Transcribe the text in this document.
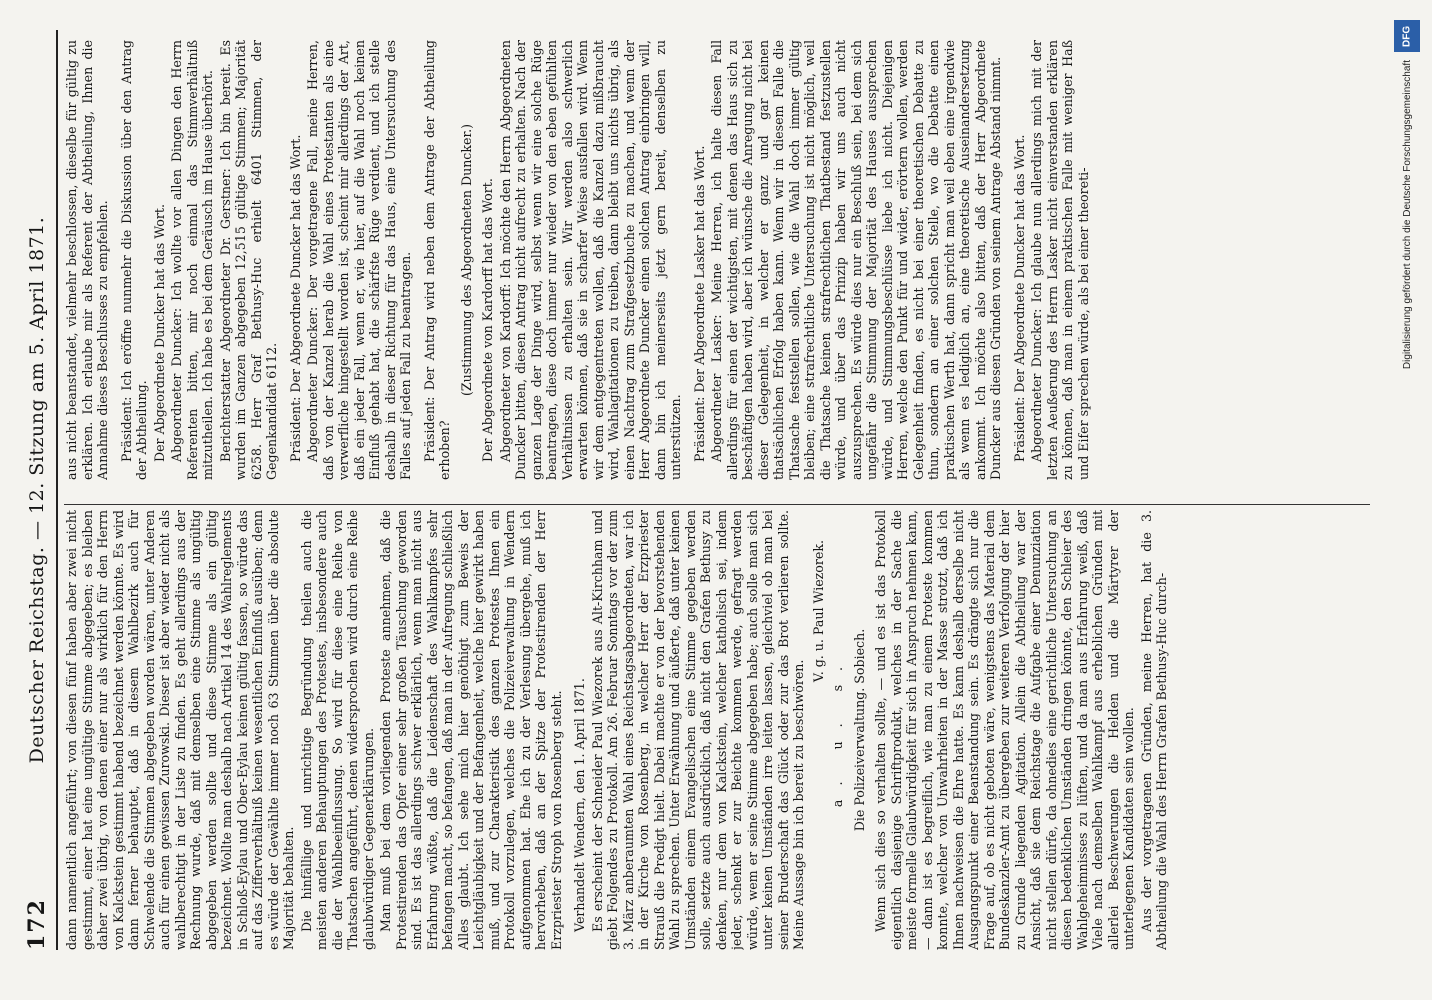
172
Deutscher Reichstag. — 12. Sitzung am 5. April 1871. dann namentlich angeführt; von diesen fünf haben aber zwei nicht gestimmt, einer hat eine ungültige Stimme abgegeben; es bleiben daher zwei übrig, von denen einer nur als wirklich für den Herrn von Kalckstein gestimmt habend bezeichnet werden könnte. Es wird dann ferner behauptet, daß in diesem Wahlbezirk auch für Schwelende die Stimmen abgegeben worden wären, unter Anderen auch für einen gewissen Zurowski. Dieser ist aber wieder nicht als wahlberechtigt in der Liste zu finden. Es geht allerdings aus der Rechnung wurde, daß mit demselben eine Stimme als ungültig abgegeben werden sollte und diese Stimme als ein gültig bezeichnet. Wollte man deshalb nach Artikel 14 des Wahlreglements in Schloß-Eylau und Ober-Eylau keinen gültig fassen, so würde das auf das Zifferverhältniß keinen wesentlichen Einfluß ausüben; denn es würde der Gewählte immer noch 63 Stimmen über die absolute Majorität behalten. Die hinfällige und unrichtige Begründung theilen auch die meisten anderen Behauptungen des Protestes, insbesondere auch die der Wahlbeeinflussung. So wird für diese eine Reihe von Thatsachen angeführt, denen widersprochen wird durch eine Reihe glaubwürdiger Gegenerklärungen. Man muß bei dem vorliegenden Proteste annehmen, daß die Protestirenden das Opfer einer sehr großen Täuschung geworden sind. Es ist das allerdings schwer erklärlich, wenn man nicht aus Erfahrung wüßte, daß die Leidenschaft des Wahlkampfes sehr befangen macht, so befangen, daß man in der Aufregung schließlich Alles glaubt. Ich sehe mich hier genöthigt zum Beweis der Leichtgläubigkeit und der Befangenheit, welche hier gewirkt haben muß, und zur Charakteristik des ganzen Protestes Ihnen ein Protokoll vorzulegen, welches die Polizeiverwaltung in Wendern aufgenommen hat. Ehe ich zu der Verlesung übergehe, muß ich hervorheben, daß an der Spitze der Protestirenden der Herr Erzpriester Stroph von Rosenberg steht. Verhandelt Wendern, den 1. April 1871. Es erscheint der Schneider Paul Wiezorek aus Alt-Kirchham und giebt Folgendes zu Protokoll. Am 26. Februar Sonntags vor der zum 3. März anberaumten Wahl eines Reichstagsabgeordneten, war ich in der Kirche von Rosenberg, in welcher Herr der Erzpriester Strauß die Predigt hielt. Dabei machte er von der bevorstehenden Wahl zu sprechen. Unter Erwähnung und äußerte, daß unter keinen Umständen einem Evangelischen eine Stimme gegeben werden solle, setzte auch ausdrücklich, daß nicht den Grafen Bethusy zu denken, nur dem von Kalckstein, welcher katholisch sei, indem jeder, schenkt er zur Beichte kommen werde, gefragt werden würde, wem er seine Stimme abgegeben habe; auch solle man sich unter keinen Umständen irre leiten lassen, gleichviel ob man bei seiner Bruderschaft das Glück oder zur das Brot verlieren sollte. Meine Aussage bin ich bereit zu beschwören.

V. g. u. Paul Wiezorek.

a. u. s. Die Polizeiverwaltung. Sobiech. Wenn sich dies so verhalten sollte, — und es ist das Protokoll eigentlich dasjenige Schriftprodukt, welches in der Sache die meiste formelle Glaubwürdigkeit für sich in Anspruch nehmen kann, — dann ist es begreiflich, wie man zu einem Proteste kommen konnte, welcher von Unwahrheiten in der Masse strotzt, daß ich Ihnen nachweisen die Ehre hatte. Es kann deshalb derselbe nicht Ausgangspunkt einer Beanstandung sein. Es drängte sich nur die Frage auf, ob es nicht geboten wäre, wenigstens das Material dem Bundeskanzler-Amt zu übergeben zur weiteren Verfolgung der hier zu Grunde liegenden Agitation. Allein die Abtheilung war der Ansicht, daß sie dem Reichstage die Aufgabe einer Denunziation nicht stellen dürfe, da ohnedies eine gerichtliche Untersuchung an diesen bedenklichen Umständen dringen könnte, den Schleier des Wahlgeheimnisses zu lüften, und da man aus Erfahrung weiß, daß Viele nach demselben Wahlkampf aus erheblichen Gründen mit allerlei Beschwerungen die Helden und die Märtyrer der unterlegenen Kandidaten sein wollen. Aus der vorgetragenen Gründen, meine Herren, hat die 3. Abtheilung die Wahl des Herrn Grafen Bethusy-Huc durch-

aus nicht beanstandet, vielmehr beschlossen, dieselbe für gültig zu erklären. Ich erlaube mir als Referent der Abtheilung, Ihnen die Annahme dieses Beschlusses zu empfehlen. Präsident: Ich eröffne nunmehr die Diskussion über den Antrag der Abtheilung. Der Abgeordnete Duncker hat das Wort. Abgeordneter Duncker: Ich wollte vor allen Dingen den Herrn Referenten bitten, mir noch einmal das Stimmverhältniß mitzutheilen. Ich habe es bei dem Geräusch im Hause überhört. Berichterstatter Abgeordneter Dr. Gerstner: Ich bin bereit. Es wurden im Ganzen abgegeben 12,515 gültige Stimmen; Majorität 6258. Herr Graf Bethusy-Huc erhielt 6401 Stimmen, der Gegenkandidat 6112. Präsident: Der Abgeordnete Duncker hat das Wort. Abgeordneter Duncker: Der vorgetragene Fall, meine Herren, daß von der Kanzel herab die Wahl eines Protestanten als eine verwerfliche hingestellt worden ist, scheint mir allerdings der Art, daß ein jeder Fall, wenn er, wie hier, auf die Wahl noch keinen Einfluß gehabt hat, die schärfste Rüge verdient, und ich stelle deshalb in dieser Richtung für das Haus, eine Untersuchung des Falles auf jeden Fall zu beantragen. Präsident: Der Antrag wird neben dem Antrage der Abtheilung erhoben?

(Zustimmung des Abgeordneten Duncker.) Der Abgeordnete von Kardorff hat das Wort. Abgeordneter von Kardorff: Ich möchte den Herrn Abgeordneten Duncker bitten, diesen Antrag nicht aufrecht zu erhalten. Nach der ganzen Lage der Dinge wird, selbst wenn wir eine solche Rüge beantragen, diese doch immer nur wieder von den eben gefühlten Verhältnissen zu erhalten sein. Wir werden also schwerlich erwarten können, daß sie in scharfer Weise ausfallen wird. Wenn wir dem entgegentreten wollen, daß die Kanzel dazu mißbraucht wird, Wahlagitationen zu treiben, dann bleibt uns nichts übrig, als einen Nachtrag zum Strafgesetzbuche zu machen, und wenn der Herr Abgeordnete Duncker einen solchen Antrag einbringen will, dann bin ich meinerseits jetzt gern bereit, denselben zu unterstützen. Präsident: Der Abgeordnete Lasker hat das Wort. Abgeordneter Lasker: Meine Herren, ich halte diesen Fall allerdings für einen der wichtigsten, mit denen das Haus sich zu beschäftigen haben wird, aber ich wünsche die Anregung nicht bei dieser Gelegenheit, in welcher er ganz und gar keinen thatsächlichen Erfolg haben kann. Wenn wir in diesem Falle die Thatsache feststellen sollen, wie die Wahl doch immer gültig bleiben; eine strafrechtliche Untersuchung ist nicht möglich, weil die Thatsache keinen strafrechtlichen Thatbestand festzustellen würde, und über das Prinzip haben wir uns auch nicht auszusprechen. Es würde dies nur ein Beschluß sein, bei dem sich ungefähr die Stimmung der Majorität des Hauses aussprechen würde, und Stimmungsbeschlüsse liebe ich nicht. Diejenigen Herren, welche den Punkt für und wider, erörtern wollen, werden Gelegenheit finden, es nicht bei einer theoretischen Debatte zu thun, sondern an einer solchen Stelle, wo die Debatte einen praktischen Werth hat, dann spricht man weil eben eine irgendwie als wenn es lediglich an, eine theoretische Auseinandersetzung ankommt. Ich möchte also bitten, daß der Herr Abgeordnete Duncker aus diesen Gründen von seinem Antrage Abstand nimmt. Präsident: Der Abgeordnete Duncker hat das Wort. Abgeordneter Duncker: Ich glaube nun allerdings mich mit der letzten Aeußerung des Herrn Lasker nicht einverstanden erklären zu können, daß man in einem praktischen Falle mit weniger Haß und Eifer sprechen würde, als bei einer theoreti-

DFG
Digitalisierung gefördert durch die Deutsche Forschungsgemeinschaft
